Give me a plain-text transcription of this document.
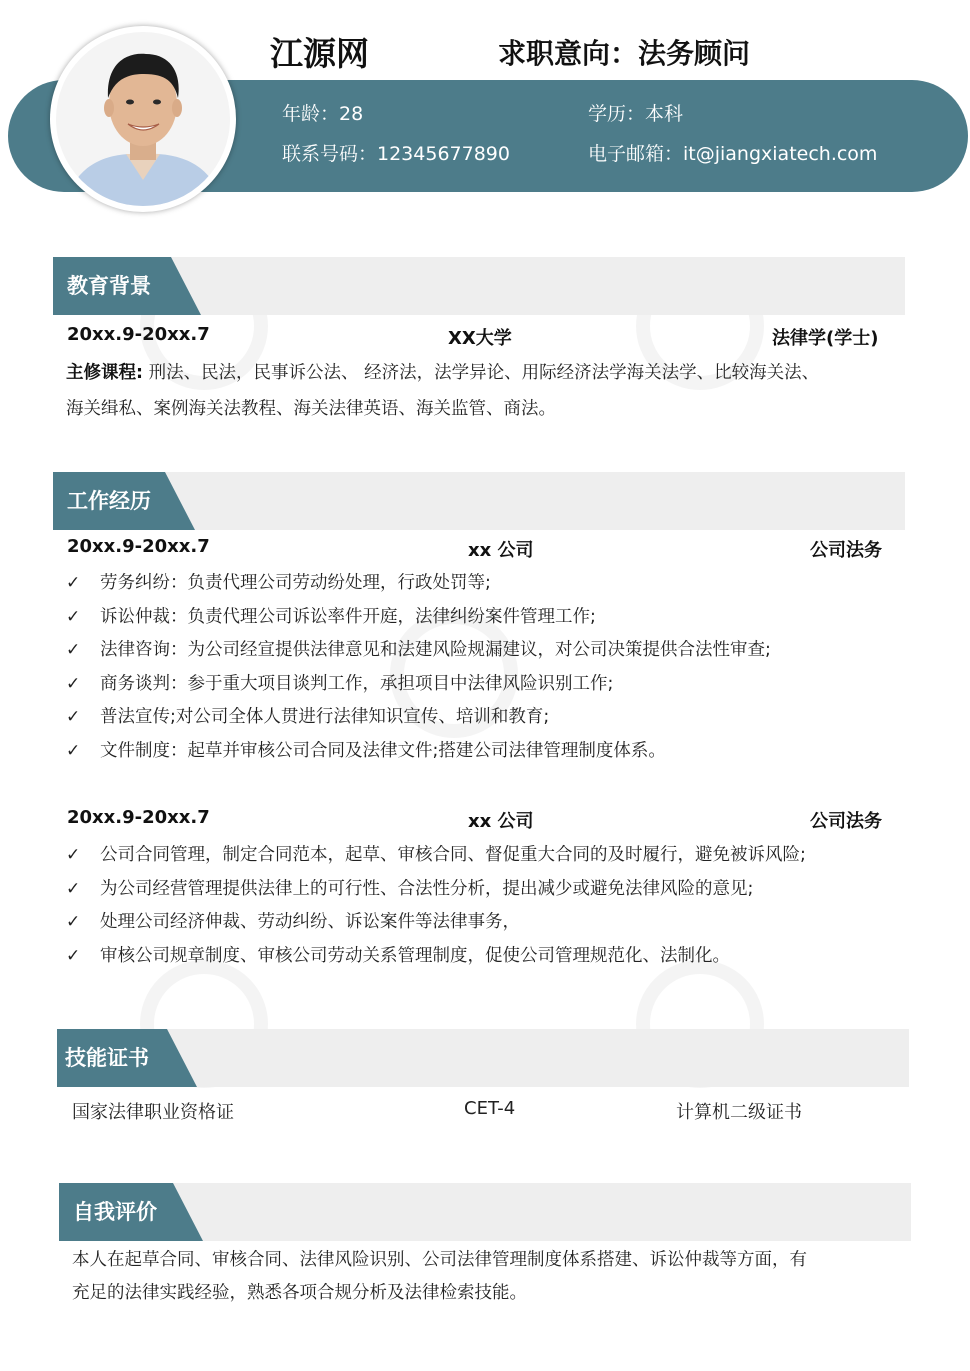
江源网	求职意向：法务顾问
年龄：28	学历：本科
联系号码：12345677890	电子邮箱：it@jiangxiatech.com
教育背景
20xx.9-20xx.7	XX大学	法律学(学士)
主修课程: 刑法、民法，民事诉公法、 经济法，法学异论、用际经济法学海关法学、比较海关法、
海关缉私、案例海关法教程、海关法律英语、海关监管、商法。
工作经历
20xx.9-20xx.7	xx 公司	公司法务
✓ 劳务纠纷：负责代理公司劳动纷处理，行政处罚等;
✓ 诉讼仲裁：负责代理公司诉讼率件开庭，法律纠纷案件管理工作;
✓ 法律咨询：为公司经宣提供法律意见和法建风险规漏建议，对公司决策提供合法性审查;
✓ 商务谈判：参于重大项目谈判工作，承担项目中法律风险识别工作;
✓ 普法宣传;对公司全体人贯进行法律知识宣传、培训和教育;
✓ 文件制度：起草并审核公司合同及法律文件;搭建公司法律管理制度体系。
20xx.9-20xx.7	xx 公司	公司法务
✓ 公司合同管理，制定合同范本，起草、审核合同、督促重大合同的及时履行，避免被诉风险;
✓ 为公司经营管理提供法律上的可行性、合法性分析，提出减少或避免法律风险的意见;
✓ 处理公司经济伸裁、劳动纠纷、诉讼案件等法律事务，
✓ 审核公司规章制度、审核公司劳动关系管理制度，促使公司管理规范化、法制化。
技能证书
国家法律职业资格证	CET-4	计算机二级证书
自我评价
本人在起草合同、审核合同、法律风险识别、公司法律管理制度体系搭建、诉讼仲裁等方面，有
充足的法律实践经验，熟悉各项合规分析及法律检索技能。
